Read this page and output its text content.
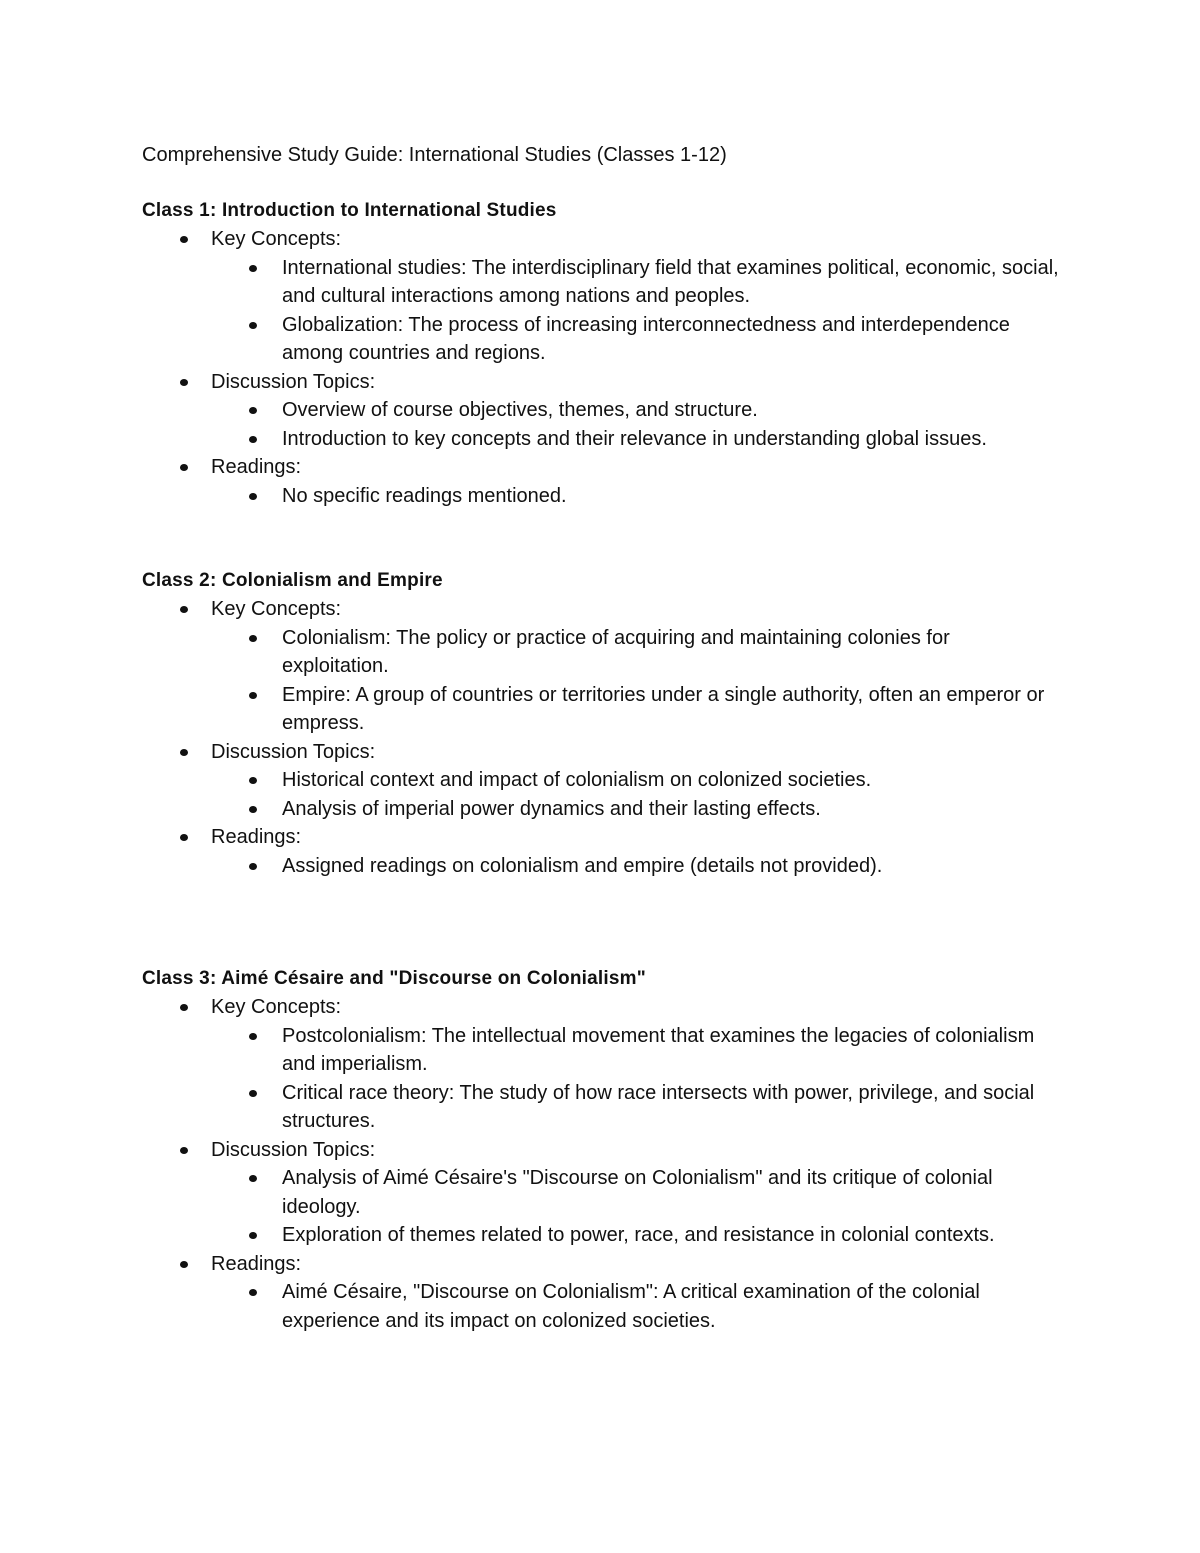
Comprehensive Study Guide: International Studies (Classes 1-12)

Class 1: Introduction to International Studies

Key Concepts:
International studies: The interdisciplinary field that examines political, economic, social, and cultural interactions among nations and peoples.
Globalization: The process of increasing interconnectedness and interdependence among countries and regions.
Discussion Topics:
Overview of course objectives, themes, and structure.
Introduction to key concepts and their relevance in understanding global issues.
Readings:
No specific readings mentioned.

Class 2: Colonialism and Empire

Key Concepts:
Colonialism: The policy or practice of acquiring and maintaining colonies for exploitation.
Empire: A group of countries or territories under a single authority, often an emperor or empress.
Discussion Topics:
Historical context and impact of colonialism on colonized societies.
Analysis of imperial power dynamics and their lasting effects.
Readings:
Assigned readings on colonialism and empire (details not provided).

Class 3: Aimé Césaire and "Discourse on Colonialism"

Key Concepts:
Postcolonialism: The intellectual movement that examines the legacies of colonialism and imperialism.
Critical race theory: The study of how race intersects with power, privilege, and social structures.
Discussion Topics:
Analysis of Aimé Césaire's "Discourse on Colonialism" and its critique of colonial ideology.
Exploration of themes related to power, race, and resistance in colonial contexts.
Readings:
Aimé Césaire, "Discourse on Colonialism": A critical examination of the colonial experience and its impact on colonized societies.
